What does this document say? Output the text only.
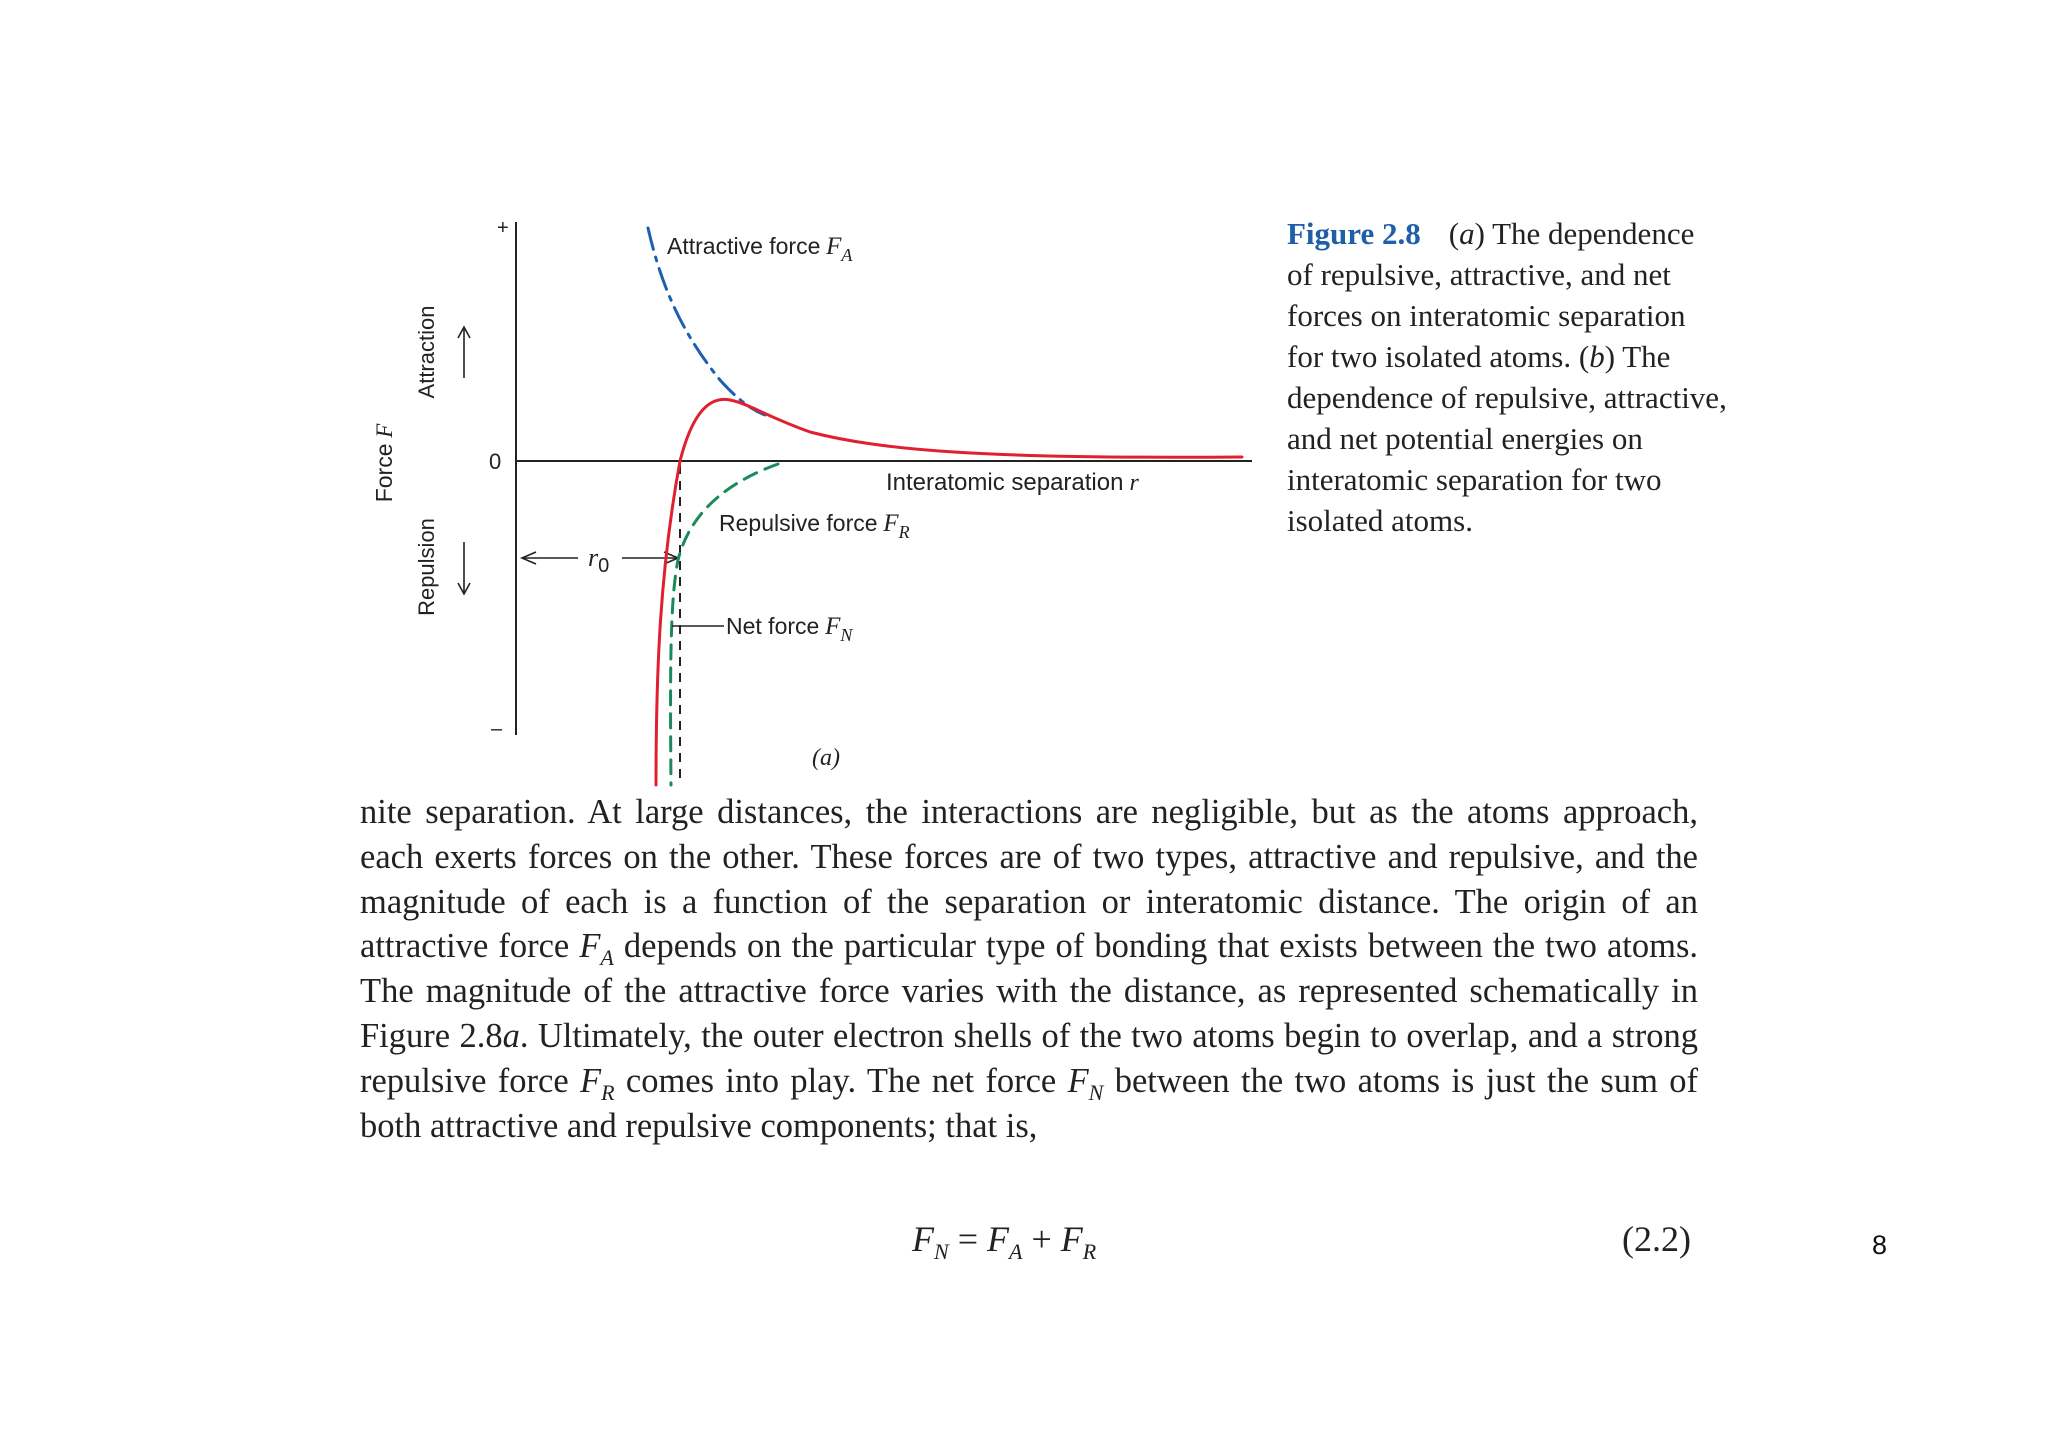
+
0
–
Force F
Attraction
Repulsion
Interatomic separation r
$r_0$
Attractive force $F_A$
Repulsive force $F_R$
Net force $F_N$
(a)

Figure 2.8 (a) The dependence of repulsive, attractive, and net forces on interatomic separation for two isolated atoms. (b) The dependence of repulsive, attractive, and net potential energies on interatomic separation for two isolated atoms.

nite separation. At large distances, the interactions are negligible, but as the atoms approach, each exerts forces on the other. These forces are of two types, attractive and repulsive, and the magnitude of each is a function of the separation or interatomic distance. The origin of an attractive force $F_A$ depends on the particular type of bonding that exists between the two atoms. The magnitude of the attractive force varies with the distance, as represented schematically in Figure 2.8a. Ultimately, the outer electron shells of the two atoms begin to overlap, and a strong repulsive force $F_R$ comes into play. The net force $F_N$ between the two atoms is just the sum of both attractive and repulsive components; that is,

$F_N = F_A + F_R$	(2.2)	8
